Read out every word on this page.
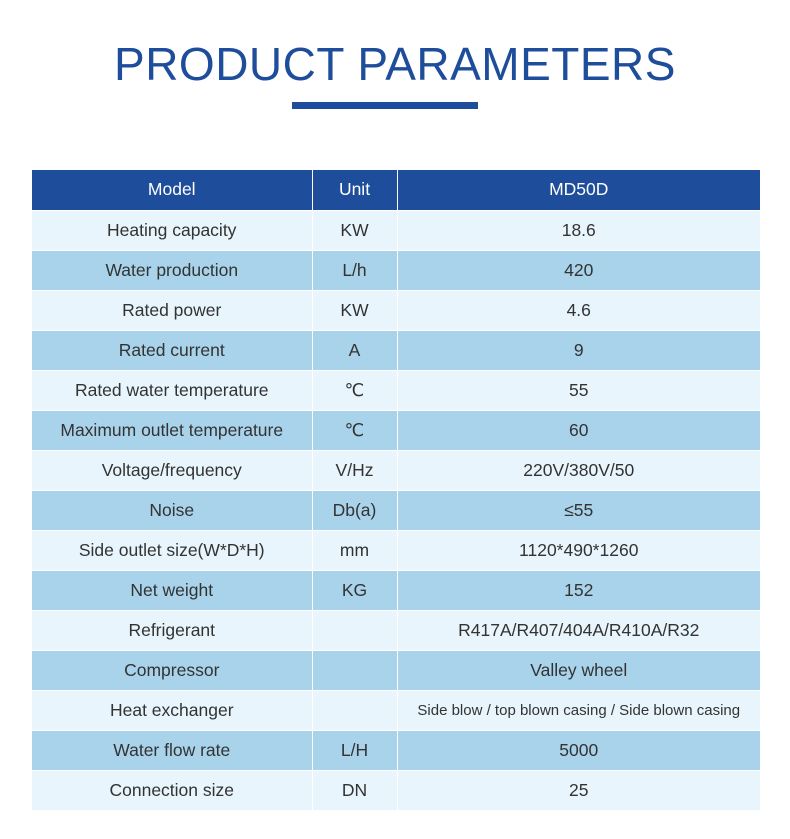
PRODUCT PARAMETERS
Model	Unit	MD50D
Heating capacity	KW	18.6
Water production	L/h	420
Rated power	KW	4.6
Rated current	A	9
Rated water temperature	℃	55
Maximum outlet temperature	℃	60
Voltage/frequency	V/Hz	220V/380V/50
Noise	Db(a)	≤55
Side outlet size(W*D*H)	mm	1120*490*1260
Net weight	KG	152
Refrigerant		R417A/R407/404A/R410A/R32
Compressor		Valley wheel
Heat exchanger		Side blow / top blown casing / Side blown casing
Water flow rate	L/H	5000
Connection size	DN	25
